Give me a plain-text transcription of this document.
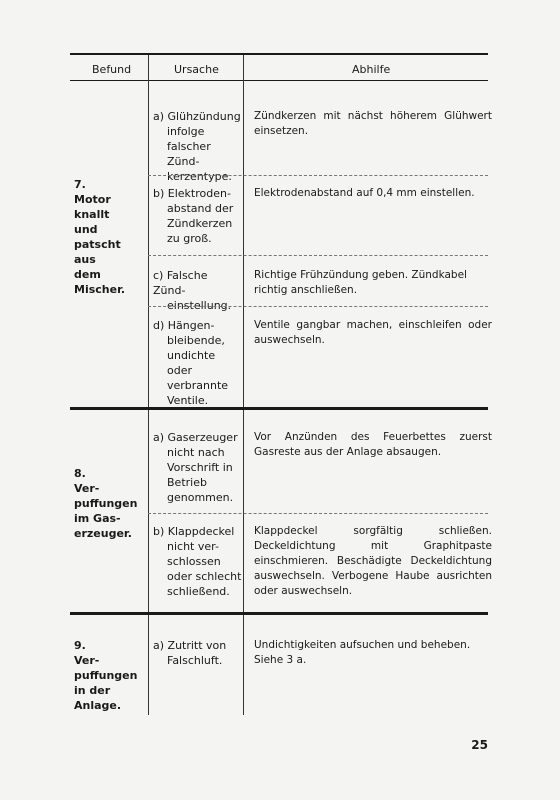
Befund	Ursache	Abhilfe
7.
Motor
knallt
und
patscht
aus
dem
Mischer.
a) Glühzündung
infolge
falscher Zünd-
kerzentype.
Zündkerzen mit nächst höherem Glühwert einsetzen.
b) Elektroden-
abstand der
Zündkerzen
zu groß.
Elektrodenabstand auf 0,4 mm einstellen.
c) Falsche Zünd-
einstellung.
Richtige Frühzündung geben. Zündkabel richtig anschließen.
d) Hängen-
bleibende,
undichte oder
verbrannte
Ventile.
Ventile gangbar machen, einschleifen oder auswechseln.
8.
Ver-
puffungen
im Gas-
erzeuger.
a) Gaserzeuger
nicht nach
Vorschrift in
Betrieb
genommen.
Vor Anzünden des Feuerbettes zuerst Gasreste aus der Anlage absaugen.
b) Klappdeckel
nicht ver-
schlossen
oder schlecht
schließend.
Klappdeckel sorgfältig schließen. Deckeldichtung mit Graphitpaste einschmieren. Beschädigte Deckeldichtung auswechseln. Verbogene Haube ausrichten oder auswechseln.
9.
Ver-
puffungen
in der
Anlage.
a) Zutritt von
Falschluft.
Undichtigkeiten aufsuchen und beheben. Siehe 3 a.
25
